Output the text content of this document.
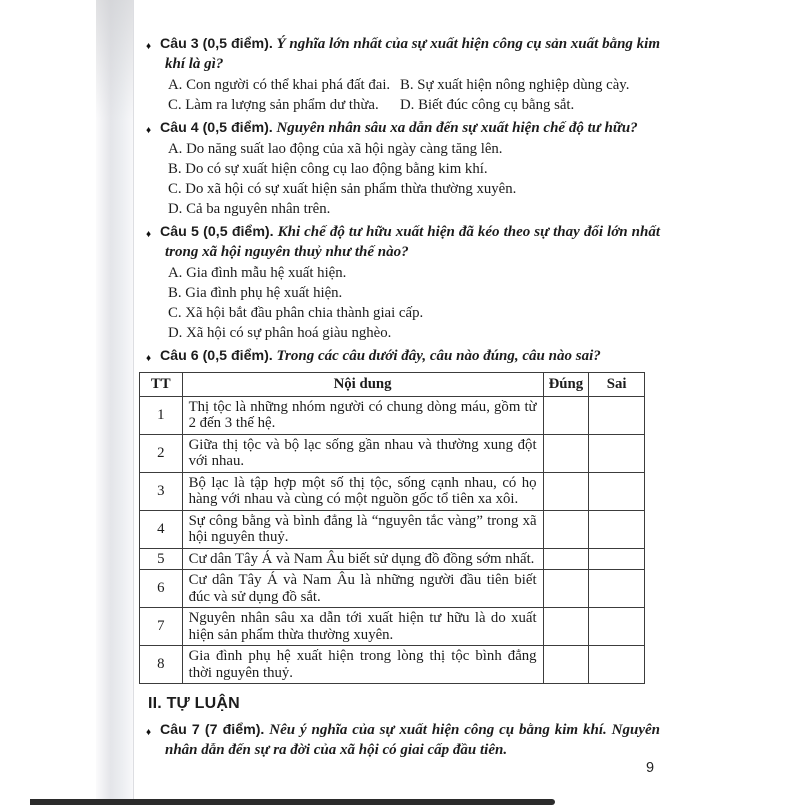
♦ Câu 3 (0,5 điểm). Ý nghĩa lớn nhất của sự xuất hiện công cụ sản xuất bằng kim khí là gì?

A. Con người có thể khai phá đất đai. B. Sự xuất hiện nông nghiệp dùng cày.

C. Làm ra lượng sản phẩm dư thừa.	D. Biết đúc công cụ bằng sắt.

♦ Câu 4 (0,5 điểm). Nguyên nhân sâu xa dẫn đến sự xuất hiện chế độ tư hữu?

A. Do năng suất lao động của xã hội ngày càng tăng lên.

B. Do có sự xuất hiện công cụ lao động bằng kim khí.

C. Do xã hội có sự xuất hiện sản phẩm thừa thường xuyên.

D. Cả ba nguyên nhân trên.

♦ Câu 5 (0,5 điểm). Khi chế độ tư hữu xuất hiện đã kéo theo sự thay đổi lớn nhất trong xã hội nguyên thuỷ như thế nào?

A. Gia đình mẫu hệ xuất hiện.

B. Gia đình phụ hệ xuất hiện.

C. Xã hội bắt đầu phân chia thành giai cấp.

D. Xã hội có sự phân hoá giàu nghèo.

♦ Câu 6 (0,5 điểm). Trong các câu dưới đây, câu nào đúng, câu nào sai?

TT	Nội dung	Đúng	Sai
1	Thị tộc là những nhóm người có chung dòng máu, gồm từ 2 đến 3 thế hệ.		
2	Giữa thị tộc và bộ lạc sống gần nhau và thường xung đột với nhau.		
3	Bộ lạc là tập hợp một số thị tộc, sống cạnh nhau, có họ hàng với nhau và cùng có một nguồn gốc tổ tiên xa xôi.		
4	Sự công bằng và bình đẳng là “nguyên tắc vàng” trong xã hội nguyên thuỷ.		
5	Cư dân Tây Á và Nam Âu biết sử dụng đồ đồng sớm nhất.		
6	Cư dân Tây Á và Nam Âu là những người đầu tiên biết đúc và sử dụng đồ sắt.		
7	Nguyên nhân sâu xa dẫn tới xuất hiện tư hữu là do xuất hiện sản phẩm thừa thường xuyên.		
8	Gia đình phụ hệ xuất hiện trong lòng thị tộc bình đẳng thời nguyên thuỷ.		

II. TỰ LUẬN

♦ Câu 7 (7 điểm). Nêu ý nghĩa của sự xuất hiện công cụ bằng kim khí. Nguyên nhân dẫn đến sự ra đời của xã hội có giai cấp đầu tiên.

9
